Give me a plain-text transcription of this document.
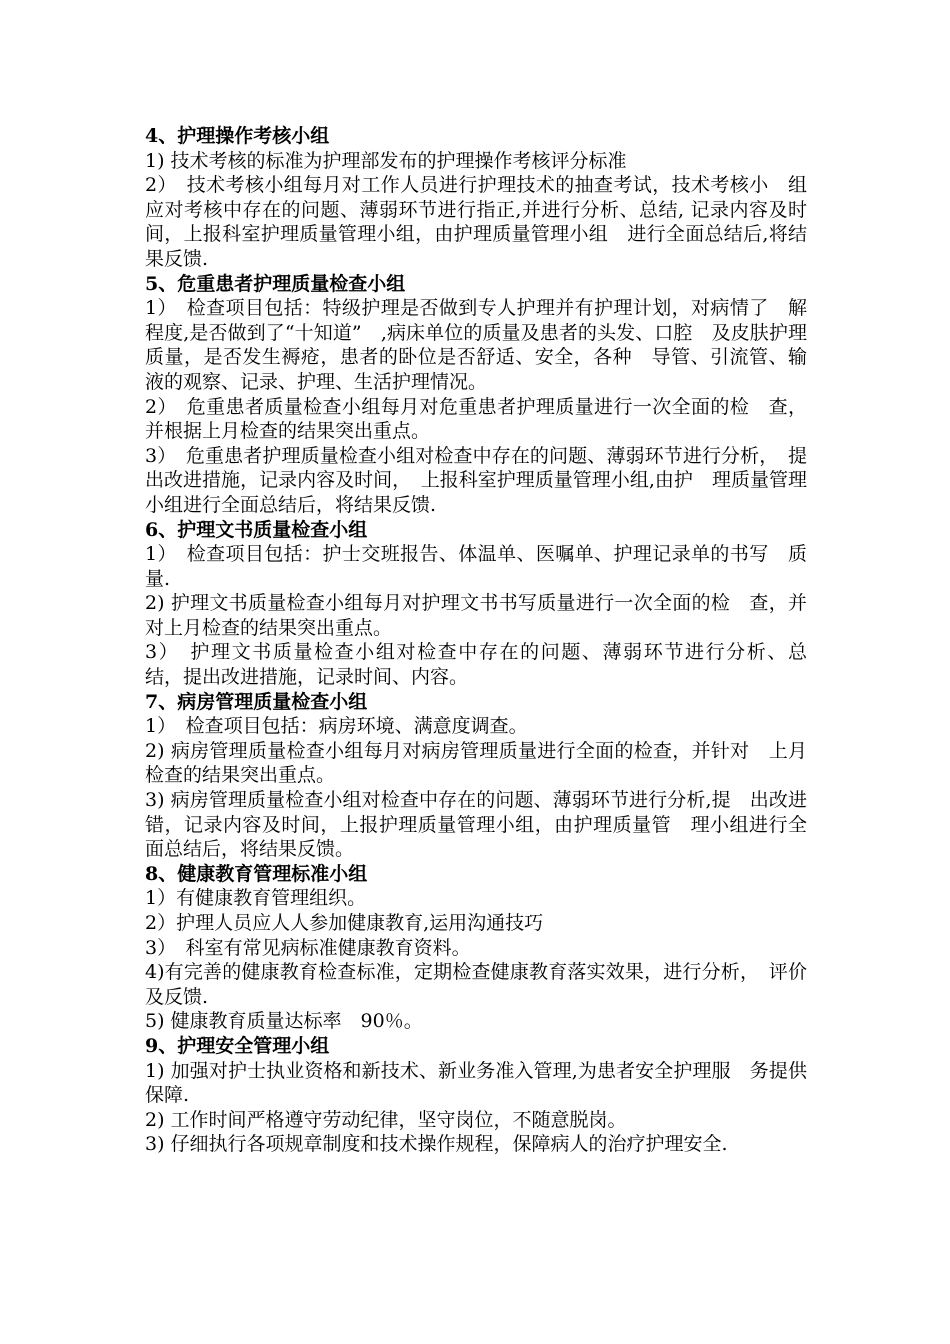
4、护理操作考核小组

1) 技术考核的标准为护理部发布的护理操作考核评分标准

2）　技术考核小组每月对工作人员进行护理技术的抽查考试，技术考核小　组应对考核中存在的问题、薄弱环节进行指正,并进行分析、总结, 记录内容及时间，上报科室护理质量管理小组，由护理质量管理小组　进行全面总结后,将结果反馈.

5、危重患者护理质量检查小组

1）　检查项目包括：特级护理是否做到专人护理并有护理计划，对病情了　解程度,是否做到了“十知道”　,病床单位的质量及患者的头发、口腔　及皮肤护理质量，是否发生褥疮，患者的卧位是否舒适、安全，各种　导管、引流管、输液的观察、记录、护理、生活护理情况。

2）　危重患者质量检查小组每月对危重患者护理质量进行一次全面的检　查，并根据上月检查的结果突出重点。

3）　危重患者护理质量检查小组对检查中存在的问题、薄弱环节进行分析，　提出改进措施，记录内容及时间，　上报科室护理质量管理小组,由护　理质量管理小组进行全面总结后，将结果反馈.

6、护理文书质量检查小组

1）　检查项目包括：护士交班报告、体温单、医嘱单、护理记录单的书写　质量.

2) 护理文书质量检查小组每月对护理文书书写质量进行一次全面的检　查，并对上月检查的结果突出重点。

3）　护理文书质量检查小组对检查中存在的问题、薄弱环节进行分析、总　结，提出改进措施，记录时间、内容。

7、病房管理质量检查小组

1）　检查项目包括：病房环境、满意度调查。

2) 病房管理质量检查小组每月对病房管理质量进行全面的检查，并针对　上月检查的结果突出重点。

3) 病房管理质量检查小组对检查中存在的问题、薄弱环节进行分析,提　出改进错，记录内容及时间，上报护理质量管理小组，由护理质量管　理小组进行全面总结后，将结果反馈。

8、健康教育管理标准小组

1）有健康教育管理组织。

2）护理人员应人人参加健康教育,运用沟通技巧

3）　科室有常见病标准健康教育资料。

4)有完善的健康教育检查标准，定期检查健康教育落实效果，进行分析，　评价及反馈.

5) 健康教育质量达标率　90％。

9、护理安全管理小组

1) 加强对护士执业资格和新技术、新业务准入管理,为患者安全护理服　务提供保障.

2) 工作时间严格遵守劳动纪律，坚守岗位，不随意脱岗。

3) 仔细执行各项规章制度和技术操作规程，保障病人的治疗护理安全.
